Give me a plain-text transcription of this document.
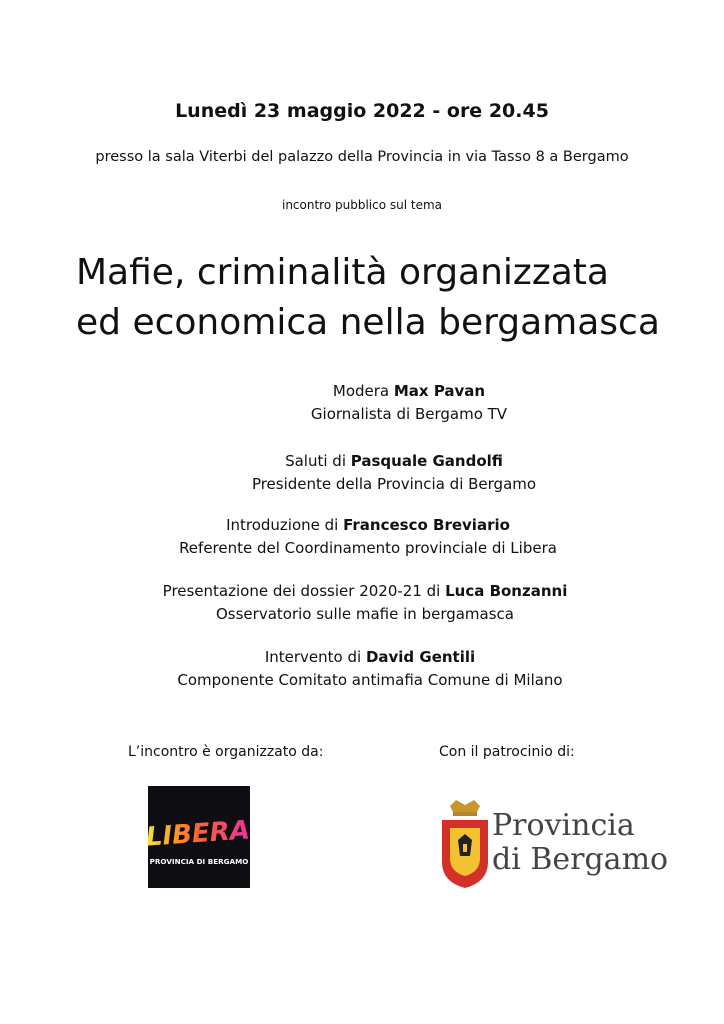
Lunedì 23 maggio 2022 - ore 20.45
presso la sala Viterbi del palazzo della Provincia in via Tasso 8 a Bergamo
incontro pubblico sul tema
Mafie, criminalità organizzata
ed economica nella bergamasca
Modera Max Pavan
Giornalista di Bergamo TV
Saluti di Pasquale Gandolfi
Presidente della Provincia di Bergamo
Introduzione di Francesco Breviario
Referente del Coordinamento provinciale di Libera
Presentazione dei dossier 2020-21 di Luca Bonzanni
Osservatorio sulle mafie in bergamasca
Intervento di David Gentili
Componente Comitato antimafia Comune di Milano
L’incontro è organizzato da:	Con il patrocinio di:
LIBERA
PROVINCIA DI BERGAMO
Provincia
di Bergamo
